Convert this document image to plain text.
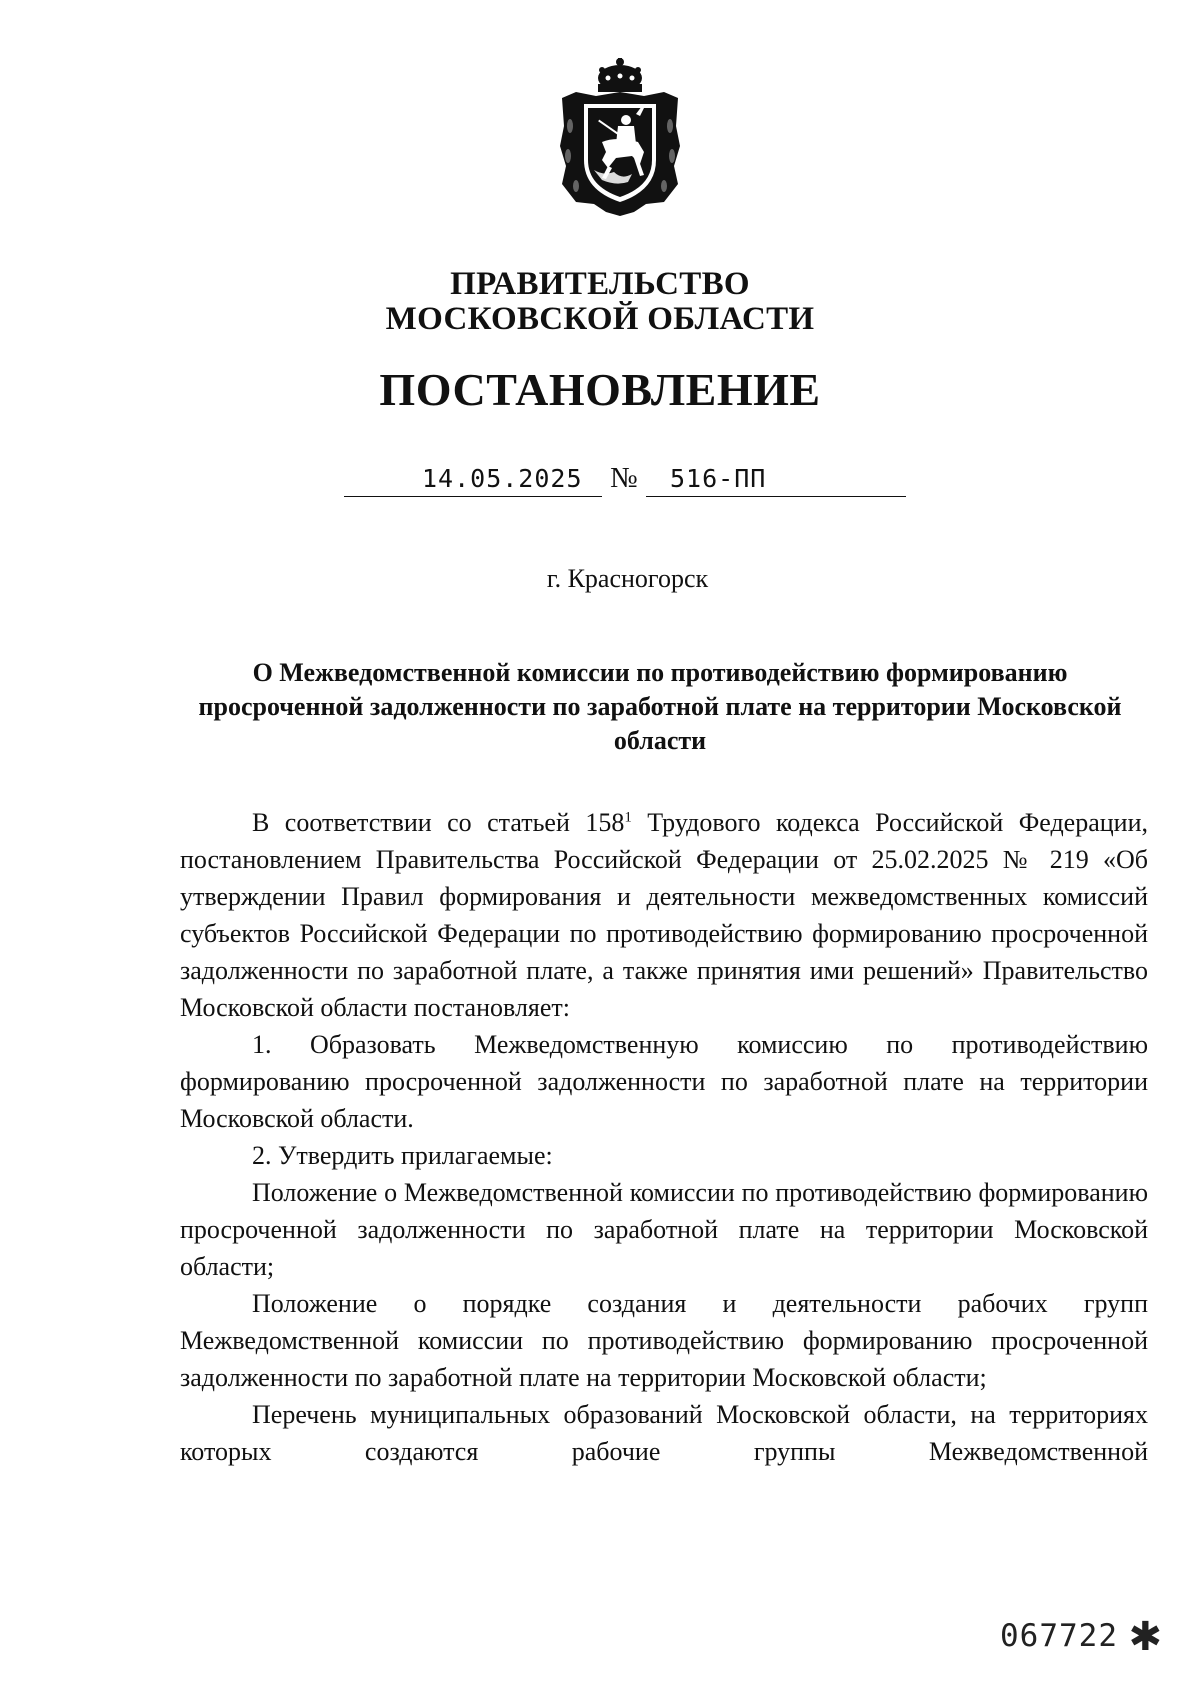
ПРАВИТЕЛЬСТВО
МОСКОВСКОЙ ОБЛАСТИ
ПОСТАНОВЛЕНИЕ
14.05.2025 № 516-ПП
г. Красногорск
О Межведомственной комиссии по противодействию формированию просроченной задолженности по заработной плате на территории Московской области

В соответствии со статьей $158^1$ Трудового кодекса Российской Федерации, постановлением Правительства Российской Федерации от 25.02.2025 № 219 «Об утверждении Правил формирования и деятельности межведомственных комиссий субъектов Российской Федерации по противодействию формированию просроченной задолженности по заработной плате, а также принятия ими решений» Правительство Московской области постановляет:

1. Образовать Межведомственную комиссию по противодействию формированию просроченной задолженности по заработной плате на территории Московской области.

2. Утвердить прилагаемые:

Положение о Межведомственной комиссии по противодействию формированию просроченной задолженности по заработной плате на территории Московской области;

Положение о порядке создания и деятельности рабочих групп Межведомственной комиссии по противодействию формированию просроченной задолженности по заработной плате на территории Московской области;

Перечень муниципальных образований Московской области, на территориях которых создаются рабочие группы Межведомственной

067722 ✱
